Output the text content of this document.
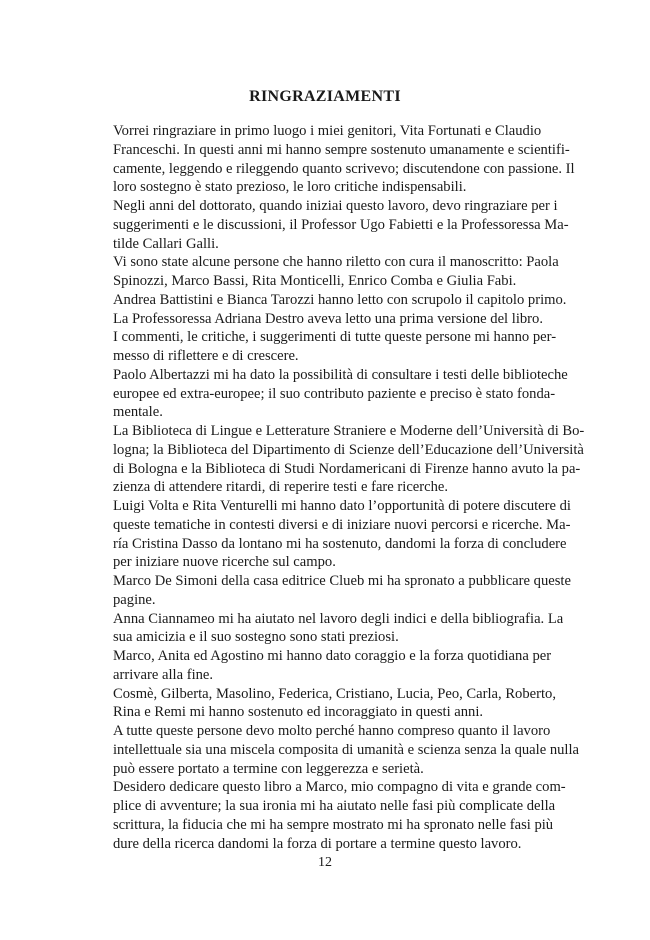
RINGRAZIAMENTI
Vorrei ringraziare in primo luogo i miei genitori, Vita Fortunati e Claudio
Franceschi. In questi anni mi hanno sempre sostenuto umanamente e scientifi-
camente, leggendo e rileggendo quanto scrivevo; discutendone con passione. Il
loro sostegno è stato prezioso, le loro critiche indispensabili.
Negli anni del dottorato, quando iniziai questo lavoro, devo ringraziare per i
suggerimenti e le discussioni, il Professor Ugo Fabietti e la Professoressa Ma-
tilde Callari Galli.
Vi sono state alcune persone che hanno riletto con cura il manoscritto: Paola
Spinozzi, Marco Bassi, Rita Monticelli, Enrico Comba e Giulia Fabi.
Andrea Battistini e Bianca Tarozzi hanno letto con scrupolo il capitolo primo.
La Professoressa Adriana Destro aveva letto una prima versione del libro.
I commenti, le critiche, i suggerimenti di tutte queste persone mi hanno per-
messo di riflettere e di crescere.
Paolo Albertazzi mi ha dato la possibilità di consultare i testi delle biblioteche
europee ed extra-europee; il suo contributo paziente e preciso è stato fonda-
mentale.
La Biblioteca di Lingue e Letterature Straniere e Moderne dell’Università di Bo-
logna; la Biblioteca del Dipartimento di Scienze dell’Educazione dell’Università
di Bologna e la Biblioteca di Studi Nordamericani di Firenze hanno avuto la pa-
zienza di attendere ritardi, di reperire testi e fare ricerche.
Luigi Volta e Rita Venturelli mi hanno dato l’opportunità di potere discutere di
queste tematiche in contesti diversi e di iniziare nuovi percorsi e ricerche. Ma-
ría Cristina Dasso da lontano mi ha sostenuto, dandomi la forza di concludere
per iniziare nuove ricerche sul campo.
Marco De Simoni della casa editrice Clueb mi ha spronato a pubblicare queste
pagine.
Anna Ciannameo mi ha aiutato nel lavoro degli indici e della bibliografia. La
sua amicizia e il suo sostegno sono stati preziosi.
Marco, Anita ed Agostino mi hanno dato coraggio e la forza quotidiana per
arrivare alla fine.
Cosmè, Gilberta, Masolino, Federica, Cristiano, Lucia, Peo, Carla, Roberto,
Rina e Remi mi hanno sostenuto ed incoraggiato in questi anni.
A tutte queste persone devo molto perché hanno compreso quanto il lavoro
intellettuale sia una miscela composita di umanità e scienza senza la quale nulla
può essere portato a termine con leggerezza e serietà.
Desidero dedicare questo libro a Marco, mio compagno di vita e grande com-
plice di avventure; la sua ironia mi ha aiutato nelle fasi più complicate della
scrittura, la fiducia che mi ha sempre mostrato mi ha spronato nelle fasi più
dure della ricerca dandomi la forza di portare a termine questo lavoro.
12
